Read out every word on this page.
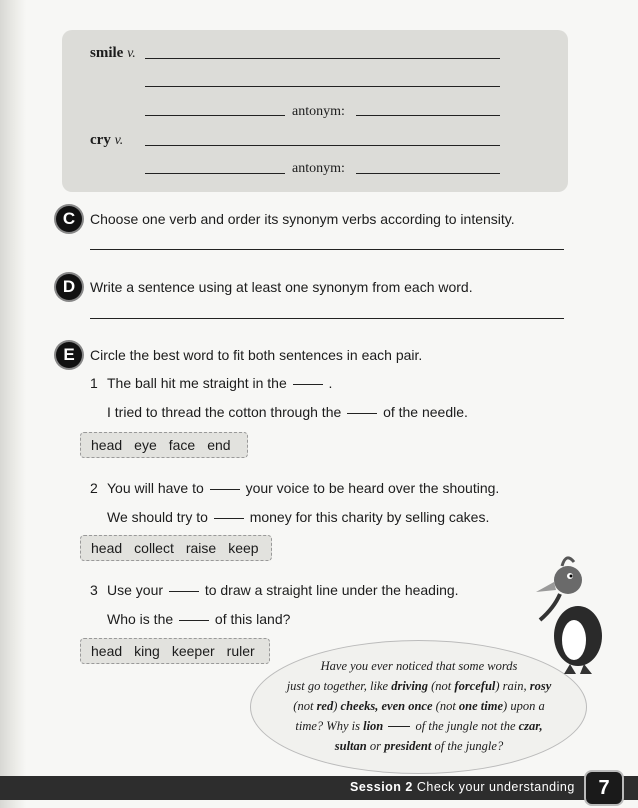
smile v.
antonym:
cry v.
antonym:
C	Choose one verb and order its synonym verbs according to intensity.
D	Write a sentence using at least one synonym from each word.
E	Circle the best word to fit both sentences in each pair.
1 The ball hit me straight in the	.
I tried to thread the cotton through the	of the needle.
head eye face end
2 You will have to	your voice to be heard over the shouting.
We should try to	money for this charity by selling cakes.
head collect raise keep
3 Use your	to draw a straight line under the heading.
Who is the	of this land?
head king keeper ruler
Have you ever noticed that some words
just go together, like driving (not forceful) rain, rosy
(not red) cheeks, even once (not one time) upon a
time? Why is lion	of the jungle not the czar,
sultan or president of the jungle?
Session 2 Check your understanding	7
